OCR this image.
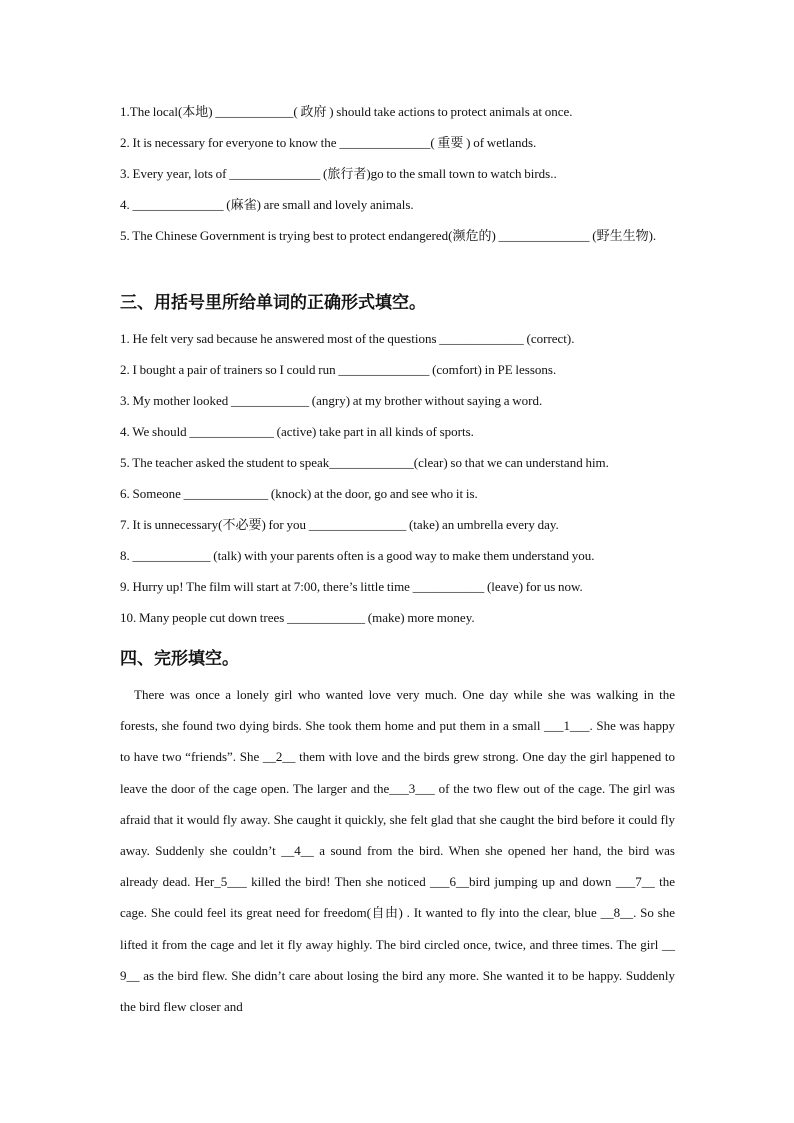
1.The local(本地) ____________( 政府 ) should take actions to protect animals at once.

2. It is necessary for everyone to know the ______________( 重要 ) of wetlands.

3. Every year, lots of ______________ (旅行者)go to the small town to watch birds..

4. ______________ (麻雀) are small and lovely animals.

5. The Chinese Government is trying best to protect endangered(濒危的) ______________ (野生生物).

三、用括号里所给单词的正确形式填空。

1. He felt very sad because he answered most of the questions _____________ (correct).

2. I bought a pair of trainers so I could run ______________ (comfort) in PE lessons.

3. My mother looked ____________ (angry) at my brother without saying a word.

4. We should _____________ (active) take part in all kinds of sports.

5. The teacher asked the student to speak_____________(clear) so that we can understand him.

6. Someone _____________ (knock) at the door, go and see who it is.

7. It is unnecessary(不必要) for you _______________ (take) an umbrella every day.

8. ____________ (talk) with your parents often is a good way to make them understand you.

9. Hurry up! The film will start at 7:00, there’s little time ___________ (leave) for us now.

10. Many people cut down trees ____________ (make) more money.

四、完形填空。

There was once a lonely girl who wanted love very much. One day while she was walking in the forests, she found two dying birds. She took them home and put them in a small ___1___. She was happy to have two “friends”. She __2__ them with love and the birds grew strong. One day the girl happened to leave the door of the cage open. The larger and the___3___ of the two flew out of the cage. The girl was afraid that it would fly away. She caught it quickly, she felt glad that she caught the bird before it could fly away. Suddenly she couldn’t __4__ a sound from the bird. When she opened her hand, the bird was already dead. Her_5___ killed the bird! Then she noticed ___6__bird jumping up and down ___7__ the cage. She could feel its great need for freedom(自由) . It wanted to fly into the clear, blue __8__. So she lifted it from the cage and let it fly away highly. The bird circled once, twice, and three times. The girl __ 9__ as the bird flew. She didn’t care about losing the bird any more. She wanted it to be happy. Suddenly the bird flew closer and
